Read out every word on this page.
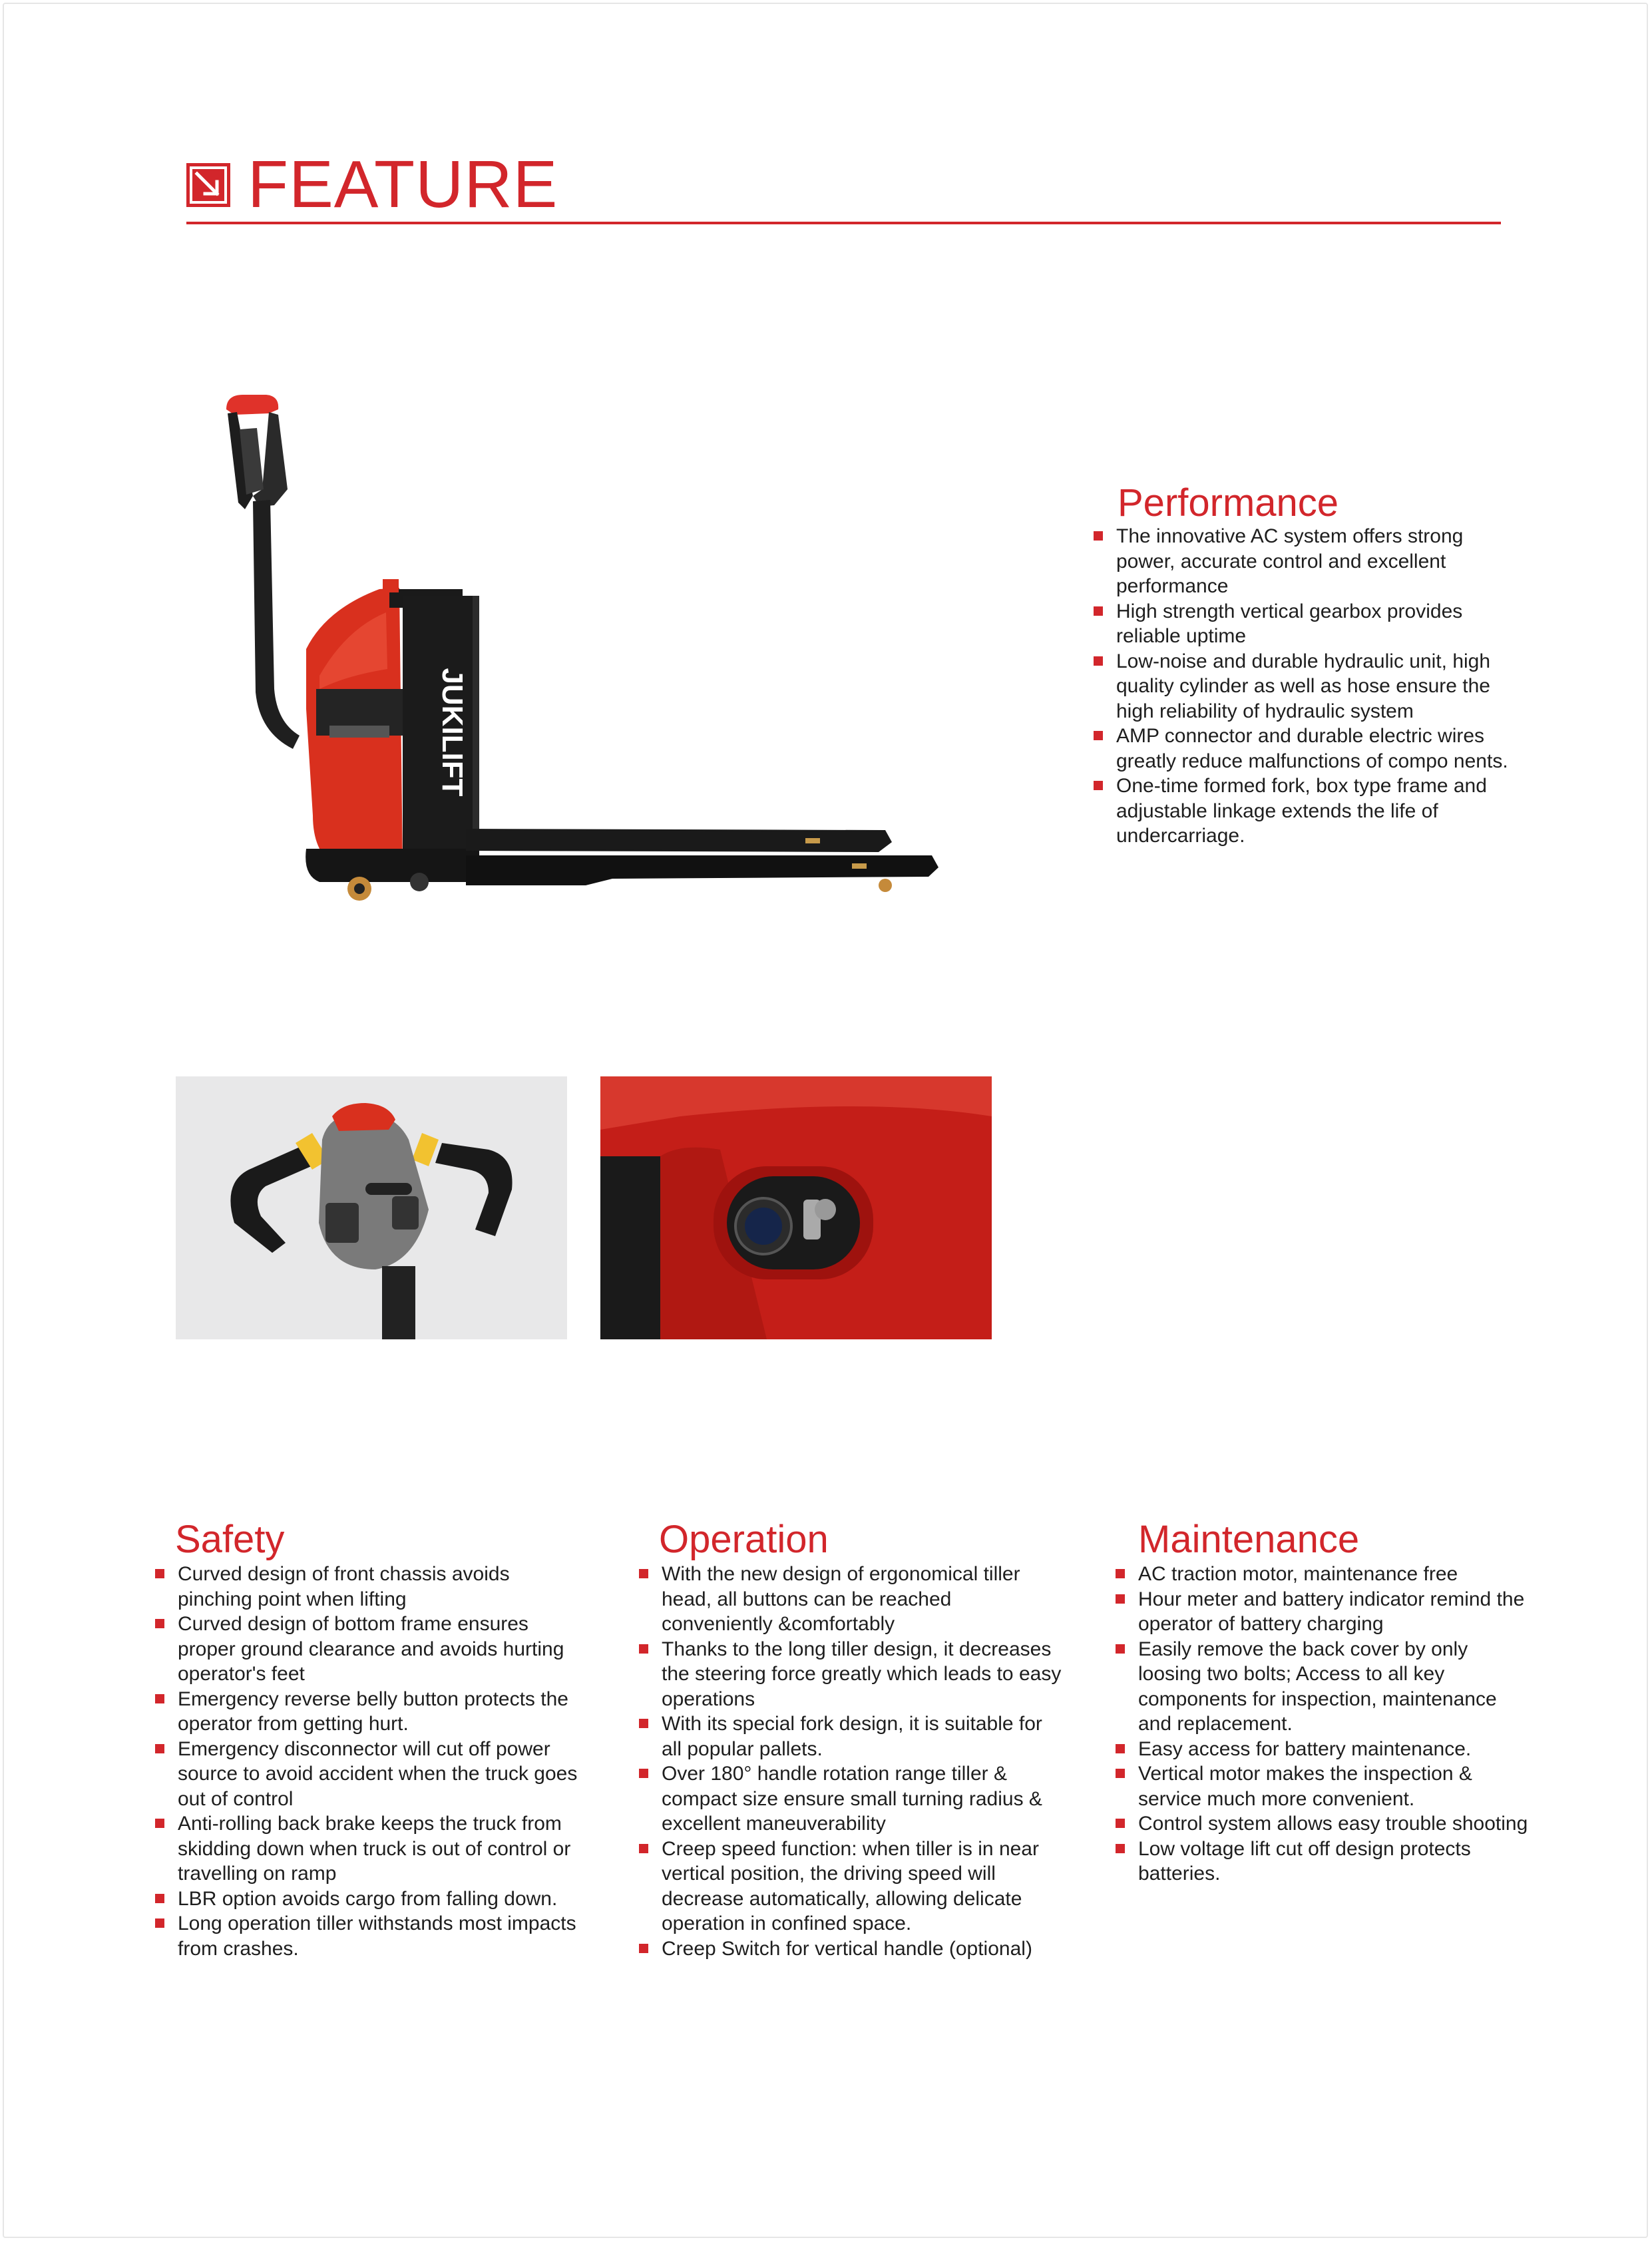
FEATURE
JUKILIFT
Performance
The innovative AC system offers strong power, accurate control and excellent performance
High strength vertical gearbox provides reliable uptime
Low-noise and durable hydraulic unit, high quality cylinder as well as hose ensure the high reliability of hydraulic system
AMP connector and durable electric wires greatly reduce malfunctions of compo nents.
One-time formed fork, box type frame and adjustable linkage extends the life of undercarriage.
Safety
Curved design of front chassis avoids pinching point when lifting
Curved design of bottom frame ensures proper ground clearance and avoids hurting operator's feet
Emergency reverse belly button protects the operator from getting hurt.
Emergency disconnector will cut off power source to avoid accident when the truck goes out of control
Anti-rolling back brake keeps the truck from skidding down when truck is out of control or travelling on ramp
LBR option avoids cargo from falling down.
Long operation tiller withstands most impacts from crashes.
Operation
With the new design of ergonomical tiller head, all buttons can be reached conveniently &comfortably
Thanks to the long tiller design, it decreases the steering force greatly which leads to easy operations
With its special fork design, it is suitable for all popular pallets.
Over 180° handle rotation range tiller & compact size ensure small turning radius & excellent maneuverability
Creep speed function: when tiller is in near vertical position, the driving speed will decrease automatically, allowing delicate operation in confined space.
Creep Switch for vertical handle (optional)
Maintenance
AC traction motor, maintenance free
Hour meter and battery indicator remind the operator of battery charging
Easily remove the back cover by only loosing two bolts; Access to all key components for inspection, maintenance and replacement.
Easy access for battery maintenance.
Vertical motor makes the inspection & service much more convenient.
Control system allows easy trouble shooting
Low voltage lift cut off design protects batteries.
